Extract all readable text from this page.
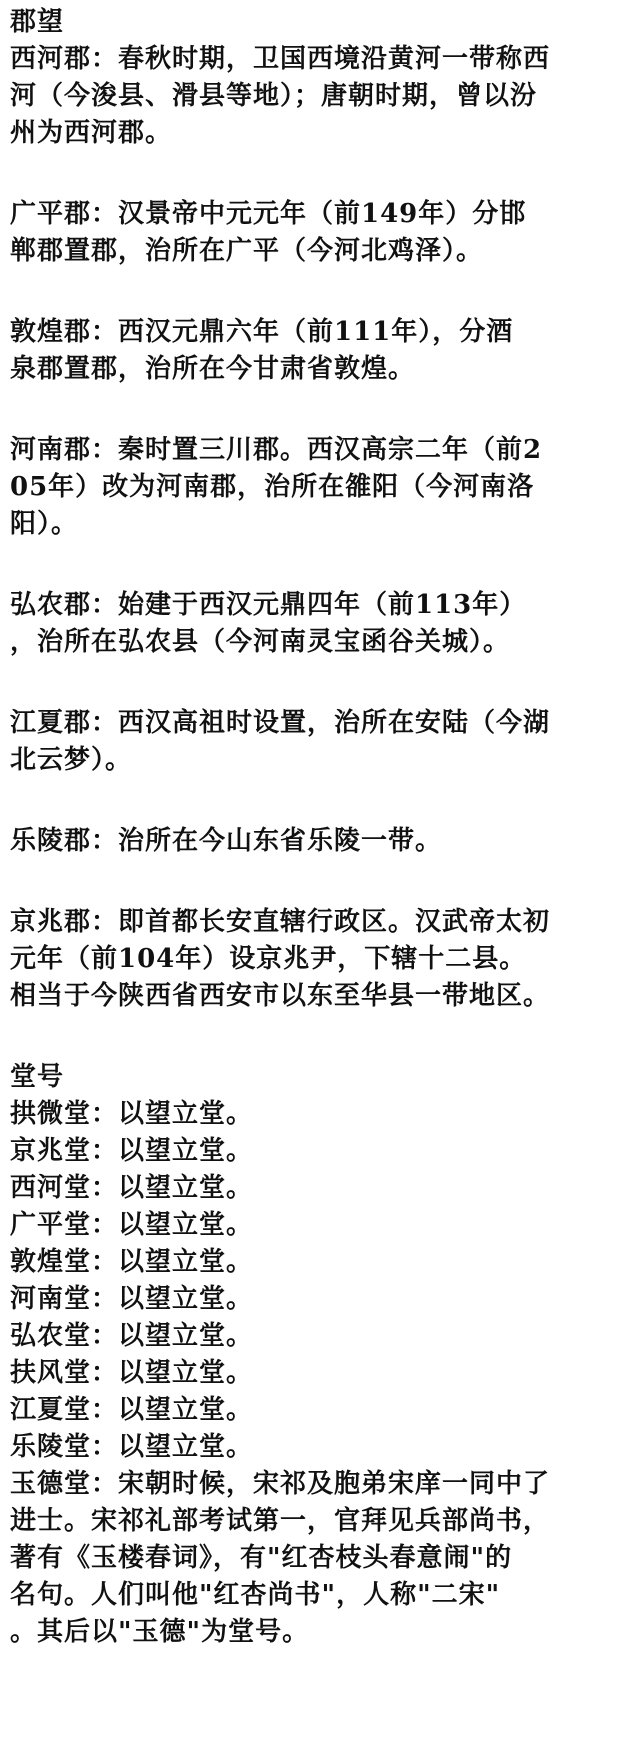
郡望
西河郡：春秋时期，卫国西境沿黄河一带称西
河（今浚县、滑县等地）；唐朝时期，曾以汾
州为西河郡。
广平郡：汉景帝中元元年（前149年）分邯
郸郡置郡，治所在广平（今河北鸡泽）。
敦煌郡：西汉元鼎六年（前111年），分酒
泉郡置郡，治所在今甘肃省敦煌。
河南郡：秦时置三川郡。西汉高宗二年（前2
05年）改为河南郡，治所在雒阳（今河南洛
阳）。
弘农郡：始建于西汉元鼎四年（前113年）
，治所在弘农县（今河南灵宝函谷关城）。
江夏郡：西汉高祖时设置，治所在安陆（今湖
北云梦）。
乐陵郡：治所在今山东省乐陵一带。
京兆郡：即首都长安直辖行政区。汉武帝太初
元年（前104年）设京兆尹，下辖十二县。
相当于今陕西省西安市以东至华县一带地区。
堂号
拱微堂：以望立堂。
京兆堂：以望立堂。
西河堂：以望立堂。
广平堂：以望立堂。
敦煌堂：以望立堂。
河南堂：以望立堂。
弘农堂：以望立堂。
扶风堂：以望立堂。
江夏堂：以望立堂。
乐陵堂：以望立堂。
玉德堂：宋朝时候，宋祁及胞弟宋庠一同中了
进士。宋祁礼部考试第一，官拜见兵部尚书，
著有《玉楼春词》，有"红杏枝头春意闹"的
名句。人们叫他"红杏尚书"，人称"二宋"
。其后以"玉德"为堂号。
